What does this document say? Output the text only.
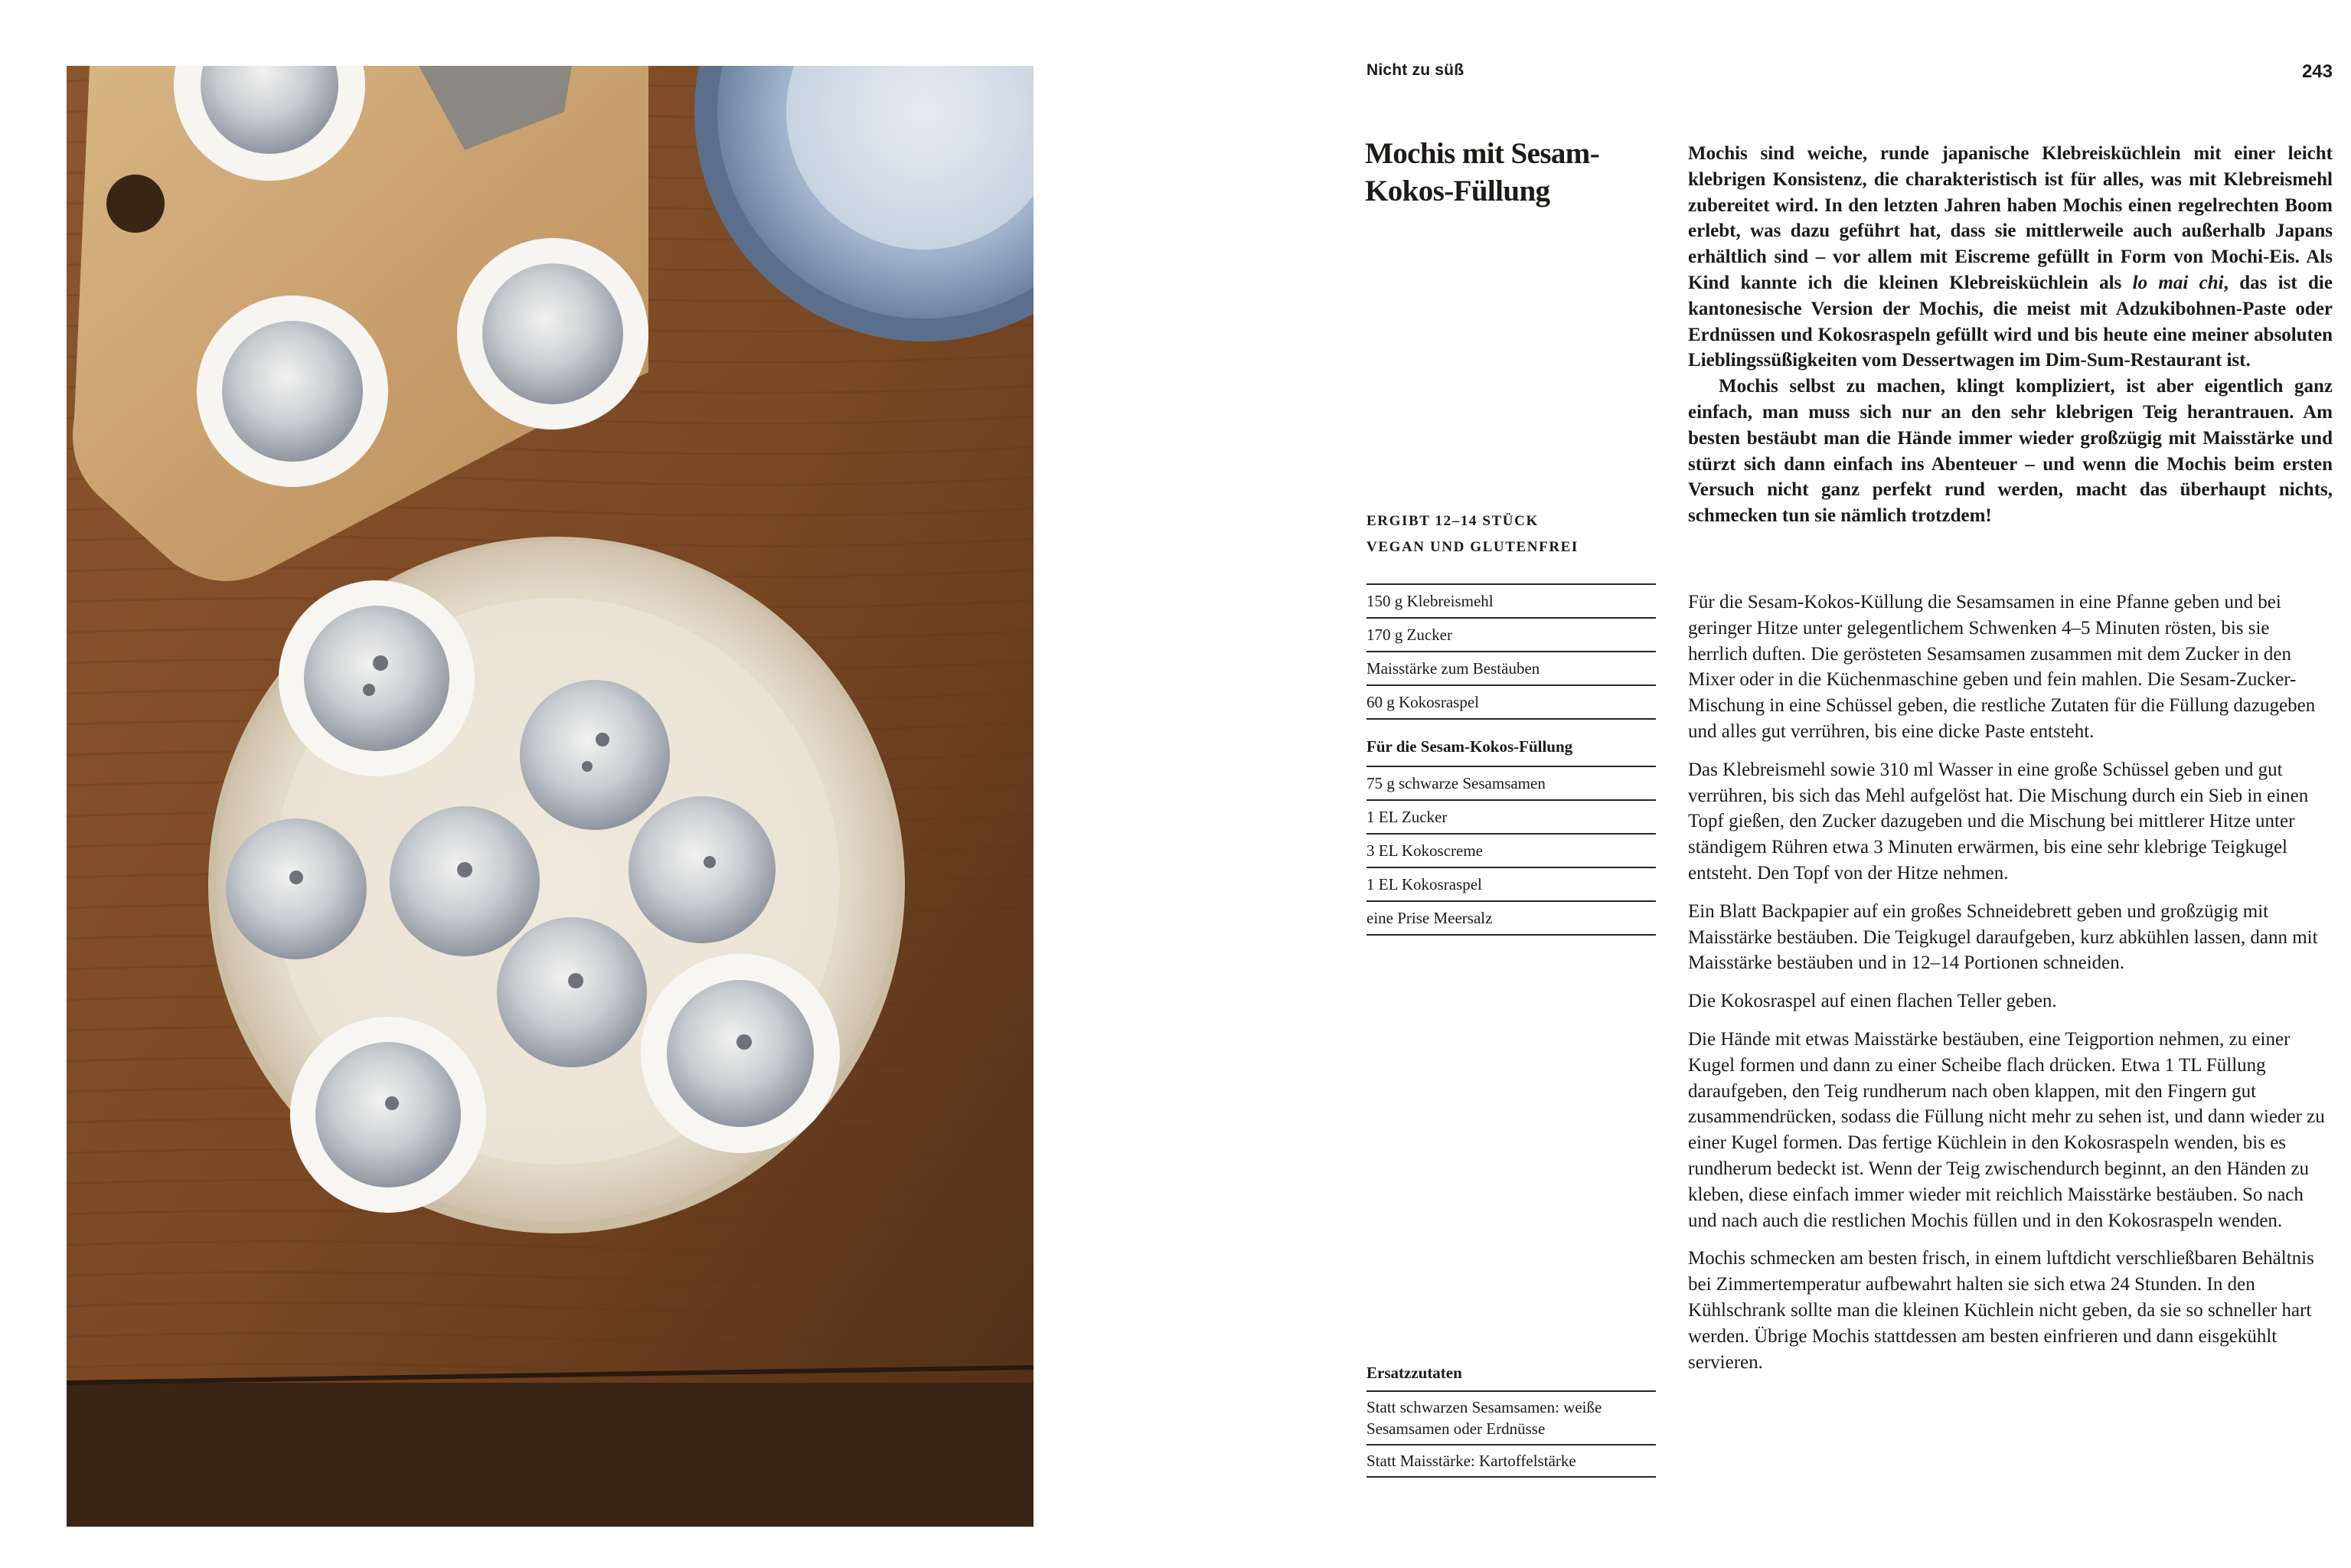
Nicht zu süß	243
Mochis mit Sesam-Kokos-Füllung
ERGIBT 12–14 STÜCK
VEGAN UND GLUTENFREI
150 g Klebreismehl
170 g Zucker
Maisstärke zum Bestäuben
60 g Kokosraspel
Für die Sesam-Kokos-Füllung
75 g schwarze Sesamsamen
1 EL Zucker
3 EL Kokoscreme
1 EL Kokosraspel
eine Prise Meersalz
Ersatzzutaten
Statt schwarzen Sesamsamen: weiße Sesamsamen oder Erdnüsse
Statt Maisstärke: Kartoffelstärke

Mochis sind weiche, runde japanische Klebreisküchlein mit einer leicht klebrigen Konsistenz, die charakteristisch ist für alles, was mit Klebreismehl zubereitet wird. In den letzten Jahren haben Mochis einen regelrechten Boom erlebt, was dazu geführt hat, dass sie mittlerweile auch außerhalb Japans erhältlich sind – vor allem mit Eiscreme gefüllt in Form von Mochi-Eis. Als Kind kannte ich die kleinen Klebreisküchlein als lo mai chi, das ist die kantonesische Version der Mochis, die meist mit Adzukibohnen-Paste oder Erdnüssen und Kokosraspeln gefüllt wird und bis heute eine meiner absoluten Lieblingssüßigkeiten vom Dessertwagen im Dim-Sum-Restaurant ist.

Mochis selbst zu machen, klingt kompliziert, ist aber eigentlich ganz einfach, man muss sich nur an den sehr klebrigen Teig herantrauen. Am besten bestäubt man die Hände immer wieder großzügig mit Maisstärke und stürzt sich dann einfach ins Abenteuer – und wenn die Mochis beim ersten Versuch nicht ganz perfekt rund werden, macht das überhaupt nichts, schmecken tun sie nämlich trotzdem!

Für die Sesam-Kokos-Küllung die Sesamsamen in eine Pfanne geben und bei geringer Hitze unter gelegentlichem Schwenken 4–5 Minuten rösten, bis sie herrlich duften. Die gerösteten Sesamsamen zusammen mit dem Zucker in den Mixer oder in die Küchenmaschine geben und fein mahlen. Die Sesam-Zucker-Mischung in eine Schüssel geben, die restliche Zutaten für die Füllung dazugeben und alles gut verrühren, bis eine dicke Paste entsteht.

Das Klebreismehl sowie 310 ml Wasser in eine große Schüssel geben und gut verrühren, bis sich das Mehl aufgelöst hat. Die Mischung durch ein Sieb in einen Topf gießen, den Zucker dazugeben und die Mischung bei mittlerer Hitze unter ständigem Rühren etwa 3 Minuten erwärmen, bis eine sehr klebrige Teigkugel entsteht. Den Topf von der Hitze nehmen.

Ein Blatt Backpapier auf ein großes Schneidebrett geben und großzügig mit Maisstärke bestäuben. Die Teigkugel daraufgeben, kurz abkühlen lassen, dann mit Maisstärke bestäuben und in 12–14 Portionen schneiden.

Die Kokosraspel auf einen flachen Teller geben.

Die Hände mit etwas Maisstärke bestäuben, eine Teigportion nehmen, zu einer Kugel formen und dann zu einer Scheibe flach drücken. Etwa 1 TL Füllung daraufgeben, den Teig rundherum nach oben klappen, mit den Fingern gut zusammendrücken, sodass die Füllung nicht mehr zu sehen ist, und dann wieder zu einer Kugel formen. Das fertige Küchlein in den Kokosraspeln wenden, bis es rundherum bedeckt ist. Wenn der Teig zwischendurch beginnt, an den Händen zu kleben, diese einfach immer wieder mit reichlich Maisstärke bestäuben. So nach und nach auch die restlichen Mochis füllen und in den Kokosraspeln wenden.

Mochis schmecken am besten frisch, in einem luftdicht verschließbaren Behältnis bei Zimmertemperatur aufbewahrt halten sie sich etwa 24 Stunden. In den Kühlschrank sollte man die kleinen Küchlein nicht geben, da sie so schneller hart werden. Übrige Mochis stattdessen am besten einfrieren und dann eisgekühlt servieren.
